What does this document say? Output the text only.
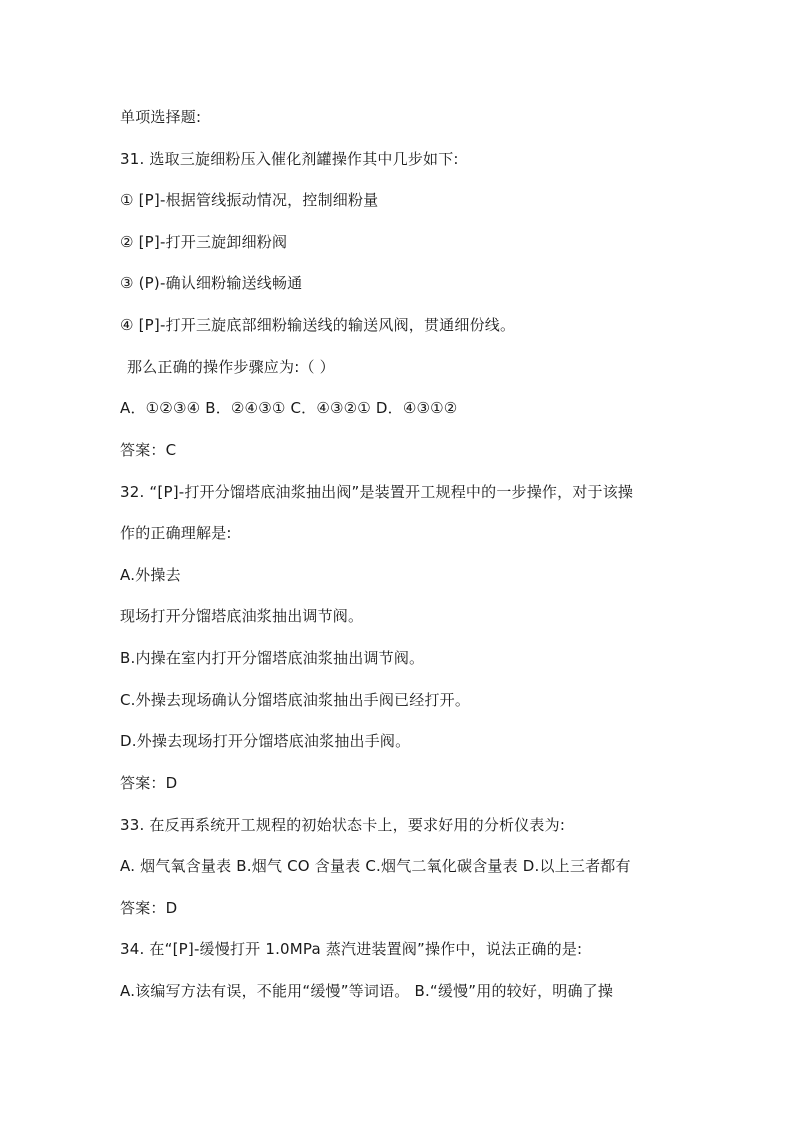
单项选择题:
31. 选取三旋细粉压入催化剂罐操作其中几步如下:
① [P]-根据管线振动情况，控制细粉量
② [P]-打开三旋卸细粉阀
③ (P)-确认细粉输送线畅通
④ [P]-打开三旋底部细粉输送线的输送风阀，贯通细份线。
那么正确的操作步骤应为:（ ）
A．①②③④ B．②④③① C．④③②① D．④③①②
答案：C
32. “[P]-打开分馏塔底油浆抽出阀”是装置开工规程中的一步操作，对于该操
作的正确理解是:
A.外操去
现场打开分馏塔底油浆抽出调节阀。
B.内操在室内打开分馏塔底油浆抽出调节阀。
C.外操去现场确认分馏塔底油浆抽出手阀已经打开。
D.外操去现场打开分馏塔底油浆抽出手阀。
答案：D
33. 在反再系统开工规程的初始状态卡上，要求好用的分析仪表为:
A. 烟气氧含量表 B.烟气 CO 含量表 C.烟气二氧化碳含量表 D.以上三者都有
答案：D
34. 在“[P]-缓慢打开 1.0MPa 蒸汽进装置阀”操作中，说法正确的是:
A.该编写方法有误，不能用“缓慢”等词语。 B.“缓慢”用的较好，明确了操
